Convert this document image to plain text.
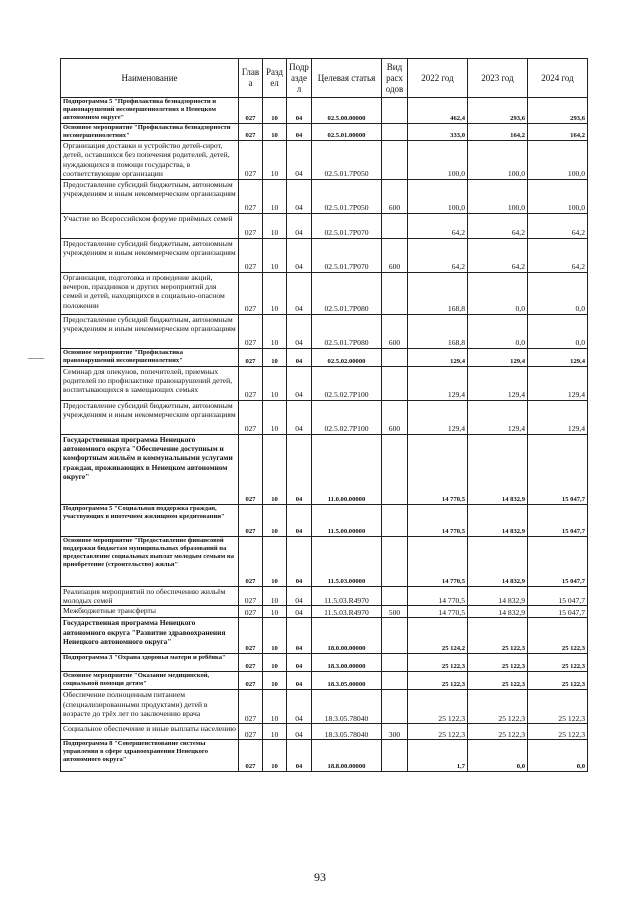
Наименование	Глав а	Разд ел	Подр азде л	Целевая статья	Вид расх одов	2022 год	2023 год	2024 год
Подпрограмма 5 "Профилактика безнадзорности и правонарушений несовершеннолетних в Ненецком автономном округе"	027	10	04	02.5.00.00000		462,4	293,6	293,6
Основное мероприятие "Профилактика безнадзорности несовершеннолетних"	027	10	04	02.5.01.00000		333,0	164,2	164,2
Организация доставки и устройство детей-сирот, детей, оставшихся без попечения родителей, детей, нуждающихся в помощи государства, в соответствующие организации	027	10	04	02.5.01.7Р050		100,0	100,0	100,0
Предоставление субсидий бюджетным, автономным учреждениям и иным некоммерческим организациям	027	10	04	02.5.01.7Р050	600	100,0	100,0	100,0
Участие во Всероссийском форуме приёмных семей	027	10	04	02.5.01.7Р070		64,2	64,2	64,2
Предоставление субсидий бюджетным, автономным учреждениям и иным некоммерческим организациям	027	10	04	02.5.01.7Р070	600	64,2	64,2	64,2
Организация, подготовка и проведение акций, вечеров, праздников и других мероприятий для семей и детей, находящихся в социально-опасном положении	027	10	04	02.5.01.7Р080		168,8	0,0	0,0
Предоставление субсидий бюджетным, автономным учреждениям и иным некоммерческим организациям	027	10	04	02.5.01.7Р080	600	168,8	0,0	0,0
Основное мероприятие "Профилактика правонарушений несовершеннолетних"	027	10	04	02.5.02.00000		129,4	129,4	129,4
Семинар для опекунов, попечителей, приемных родителей по профилактике правонарушений детей, воспитывающихся в замещающих семьях	027	10	04	02.5.02.7Р100		129,4	129,4	129,4
Предоставление субсидий бюджетным, автономным учреждениям и иным некоммерческим организациям	027	10	04	02.5.02.7Р100	600	129,4	129,4	129,4
Государственная программа Ненецкого автономного округа "Обеспечение доступным и комфортным жильём и коммунальными услугами граждан, проживающих в Ненецком автономном округе"	027	10	04	11.0.00.00000		14 770,5	14 832,9	15 047,7
Подпрограмма 5 "Социальная поддержка граждан, участвующих в ипотечном жилищном кредитовании"	027	10	04	11.5.00.00000		14 770,5	14 832,9	15 047,7
Основное мероприятие "Предоставление финансовой поддержки бюджетам муниципальных образований на предоставление социальных выплат молодым семьям на приобретение (строительство) жилья"	027	10	04	11.5.03.00000		14 770,5	14 832,9	15 047,7
Реализация мероприятий по обеспечению жильём молодых семей	027	10	04	11.5.03.R4970		14 770,5	14 832,9	15 047,7
Межбюджетные трансферты	027	10	04	11.5.03.R4970	500	14 770,5	14 832,9	15 047,7
Государственная программа Ненецкого автономного округа "Развитие здравоохранения Ненецкого автономного округа"	027	10	04	18.0.00.00000		25 124,2	25 122,3	25 122,3
Подпрограмма 3 "Охрана здоровья матери и ребёнка"	027	10	04	18.3.00.00000		25 122,3	25 122,3	25 122,3
Основное мероприятие "Оказание медицинской, социальной помощи детям"	027	10	04	18.3.05.00000		25 122,3	25 122,3	25 122,3
Обеспечение полноценным питанием (специализированными продуктами) детей в возрасте до трёх лет по заключению врача	027	10	04	18.3.05.78040		25 122,3	25 122,3	25 122,3
Социальное обеспечение и иные выплаты населению	027	10	04	18.3.05.78040	300	25 122,3	25 122,3	25 122,3
Подпрограмма 8 "Совершенствование системы управления в сфере здравоохранения Ненецкого автономного округа"	027	10	04	18.8.00.00000		1,7	0,0	0,0
93
